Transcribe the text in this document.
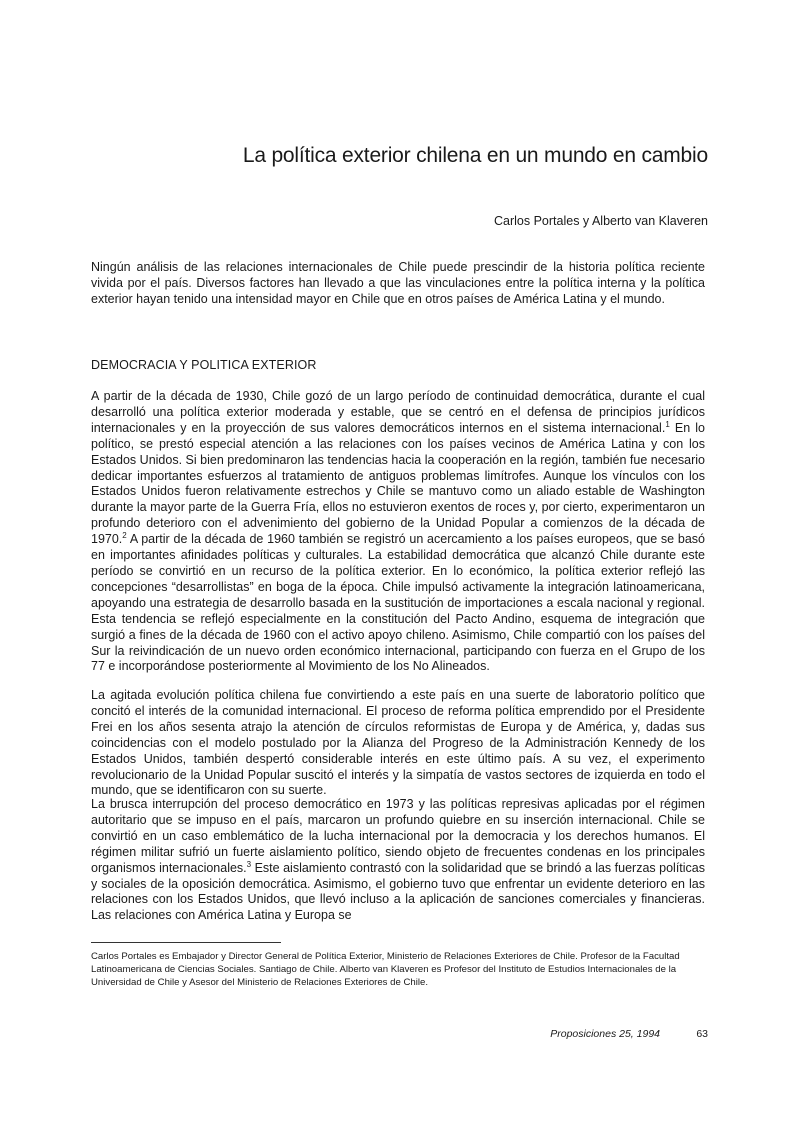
La política exterior chilena en un mundo en cambio
Carlos Portales y Alberto van Klaveren

Ningún análisis de las relaciones internacionales de Chile puede prescindir de la historia política reciente vivida por el país. Diversos factores han llevado a que las vinculaciones entre la política interna y la política exterior hayan tenido una intensidad mayor en Chile que en otros países de América Latina y el mundo.

DEMOCRACIA Y POLITICA EXTERIOR

A partir de la década de 1930, Chile gozó de un largo período de continuidad democrática, durante el cual desarrolló una política exterior moderada y estable, que se centró en el defensa de principios jurídicos internacionales y en la proyección de sus valores democráticos internos en el sistema internacional.$^1$ En lo político, se prestó especial atención a las relaciones con los países vecinos de América Latina y con los Estados Unidos. Si bien predominaron las tendencias hacia la cooperación en la región, también fue necesario dedicar importantes esfuerzos al tratamiento de antiguos problemas limítrofes. Aunque los vínculos con los Estados Unidos fueron relativamente estrechos y Chile se mantuvo como un aliado estable de Washington durante la mayor parte de la Guerra Fría, ellos no estuvieron exentos de roces y, por cierto, experimentaron un profundo deterioro con el advenimiento del gobierno de la Unidad Popular a comienzos de la década de 1970.$^2$ A partir de la década de 1960 también se registró un acercamiento a los países europeos, que se basó en importantes afinidades políticas y culturales. La estabilidad democrática que alcanzó Chile durante este período se convirtió en un recurso de la política exterior. En lo económico, la política exterior reflejó las concepciones “desarrollistas” en boga de la época. Chile impulsó activamente la integración latinoamericana, apoyando una estrategia de desarrollo basada en la sustitución de importaciones a escala nacional y regional. Esta tendencia se reflejó especialmente en la constitución del Pacto Andino, esquema de integración que surgió a fines de la década de 1960 con el activo apoyo chileno. Asimismo, Chile compartió con los países del Sur la reivindicación de un nuevo orden económico internacional, participando con fuerza en el Grupo de los 77 e incorporándose posteriormente al Movimiento de los No Alineados.

La agitada evolución política chilena fue convirtiendo a este país en una suerte de laboratorio político que concitó el interés de la comunidad internacional. El proceso de reforma política emprendido por el Presidente Frei en los años sesenta atrajo la atención de círculos reformistas de Europa y de América, y, dadas sus coincidencias con el modelo postulado por la Alianza del Progreso de la Administración Kennedy de los Estados Unidos, también despertó considerable interés en este último país. A su vez, el experimento revolucionario de la Unidad Popular suscitó el interés y la simpatía de vastos sectores de izquierda en todo el mundo, que se identificaron con su suerte.

La brusca interrupción del proceso democrático en 1973 y las políticas represivas aplicadas por el régimen autoritario que se impuso en el país, marcaron un profundo quiebre en su inserción internacional. Chile se convirtió en un caso emblemático de la lucha internacional por la democracia y los derechos humanos. El régimen militar sufrió un fuerte aislamiento político, siendo objeto de frecuentes condenas en los principales organismos internacionales.$^3$ Este aislamiento contrastó con la solidaridad que se brindó a las fuerzas políticas y sociales de la oposición democrática. Asimismo, el gobierno tuvo que enfrentar un evidente deterioro en las relaciones con los Estados Unidos, que llevó incluso a la aplicación de sanciones comerciales y financieras. Las relaciones con América Latina y Europa se

Carlos Portales es Embajador y Director General de Política Exterior, Ministerio de Relaciones Exteriores de Chile. Profesor de la Facultad Latinoamericana de Ciencias Sociales. Santiago de Chile. Alberto van Klaveren es Profesor del Instituto de Estudios Internacionales de la Universidad de Chile y Asesor del Ministerio de Relaciones Exteriores de Chile.

Proposiciones 25, 1994	63
